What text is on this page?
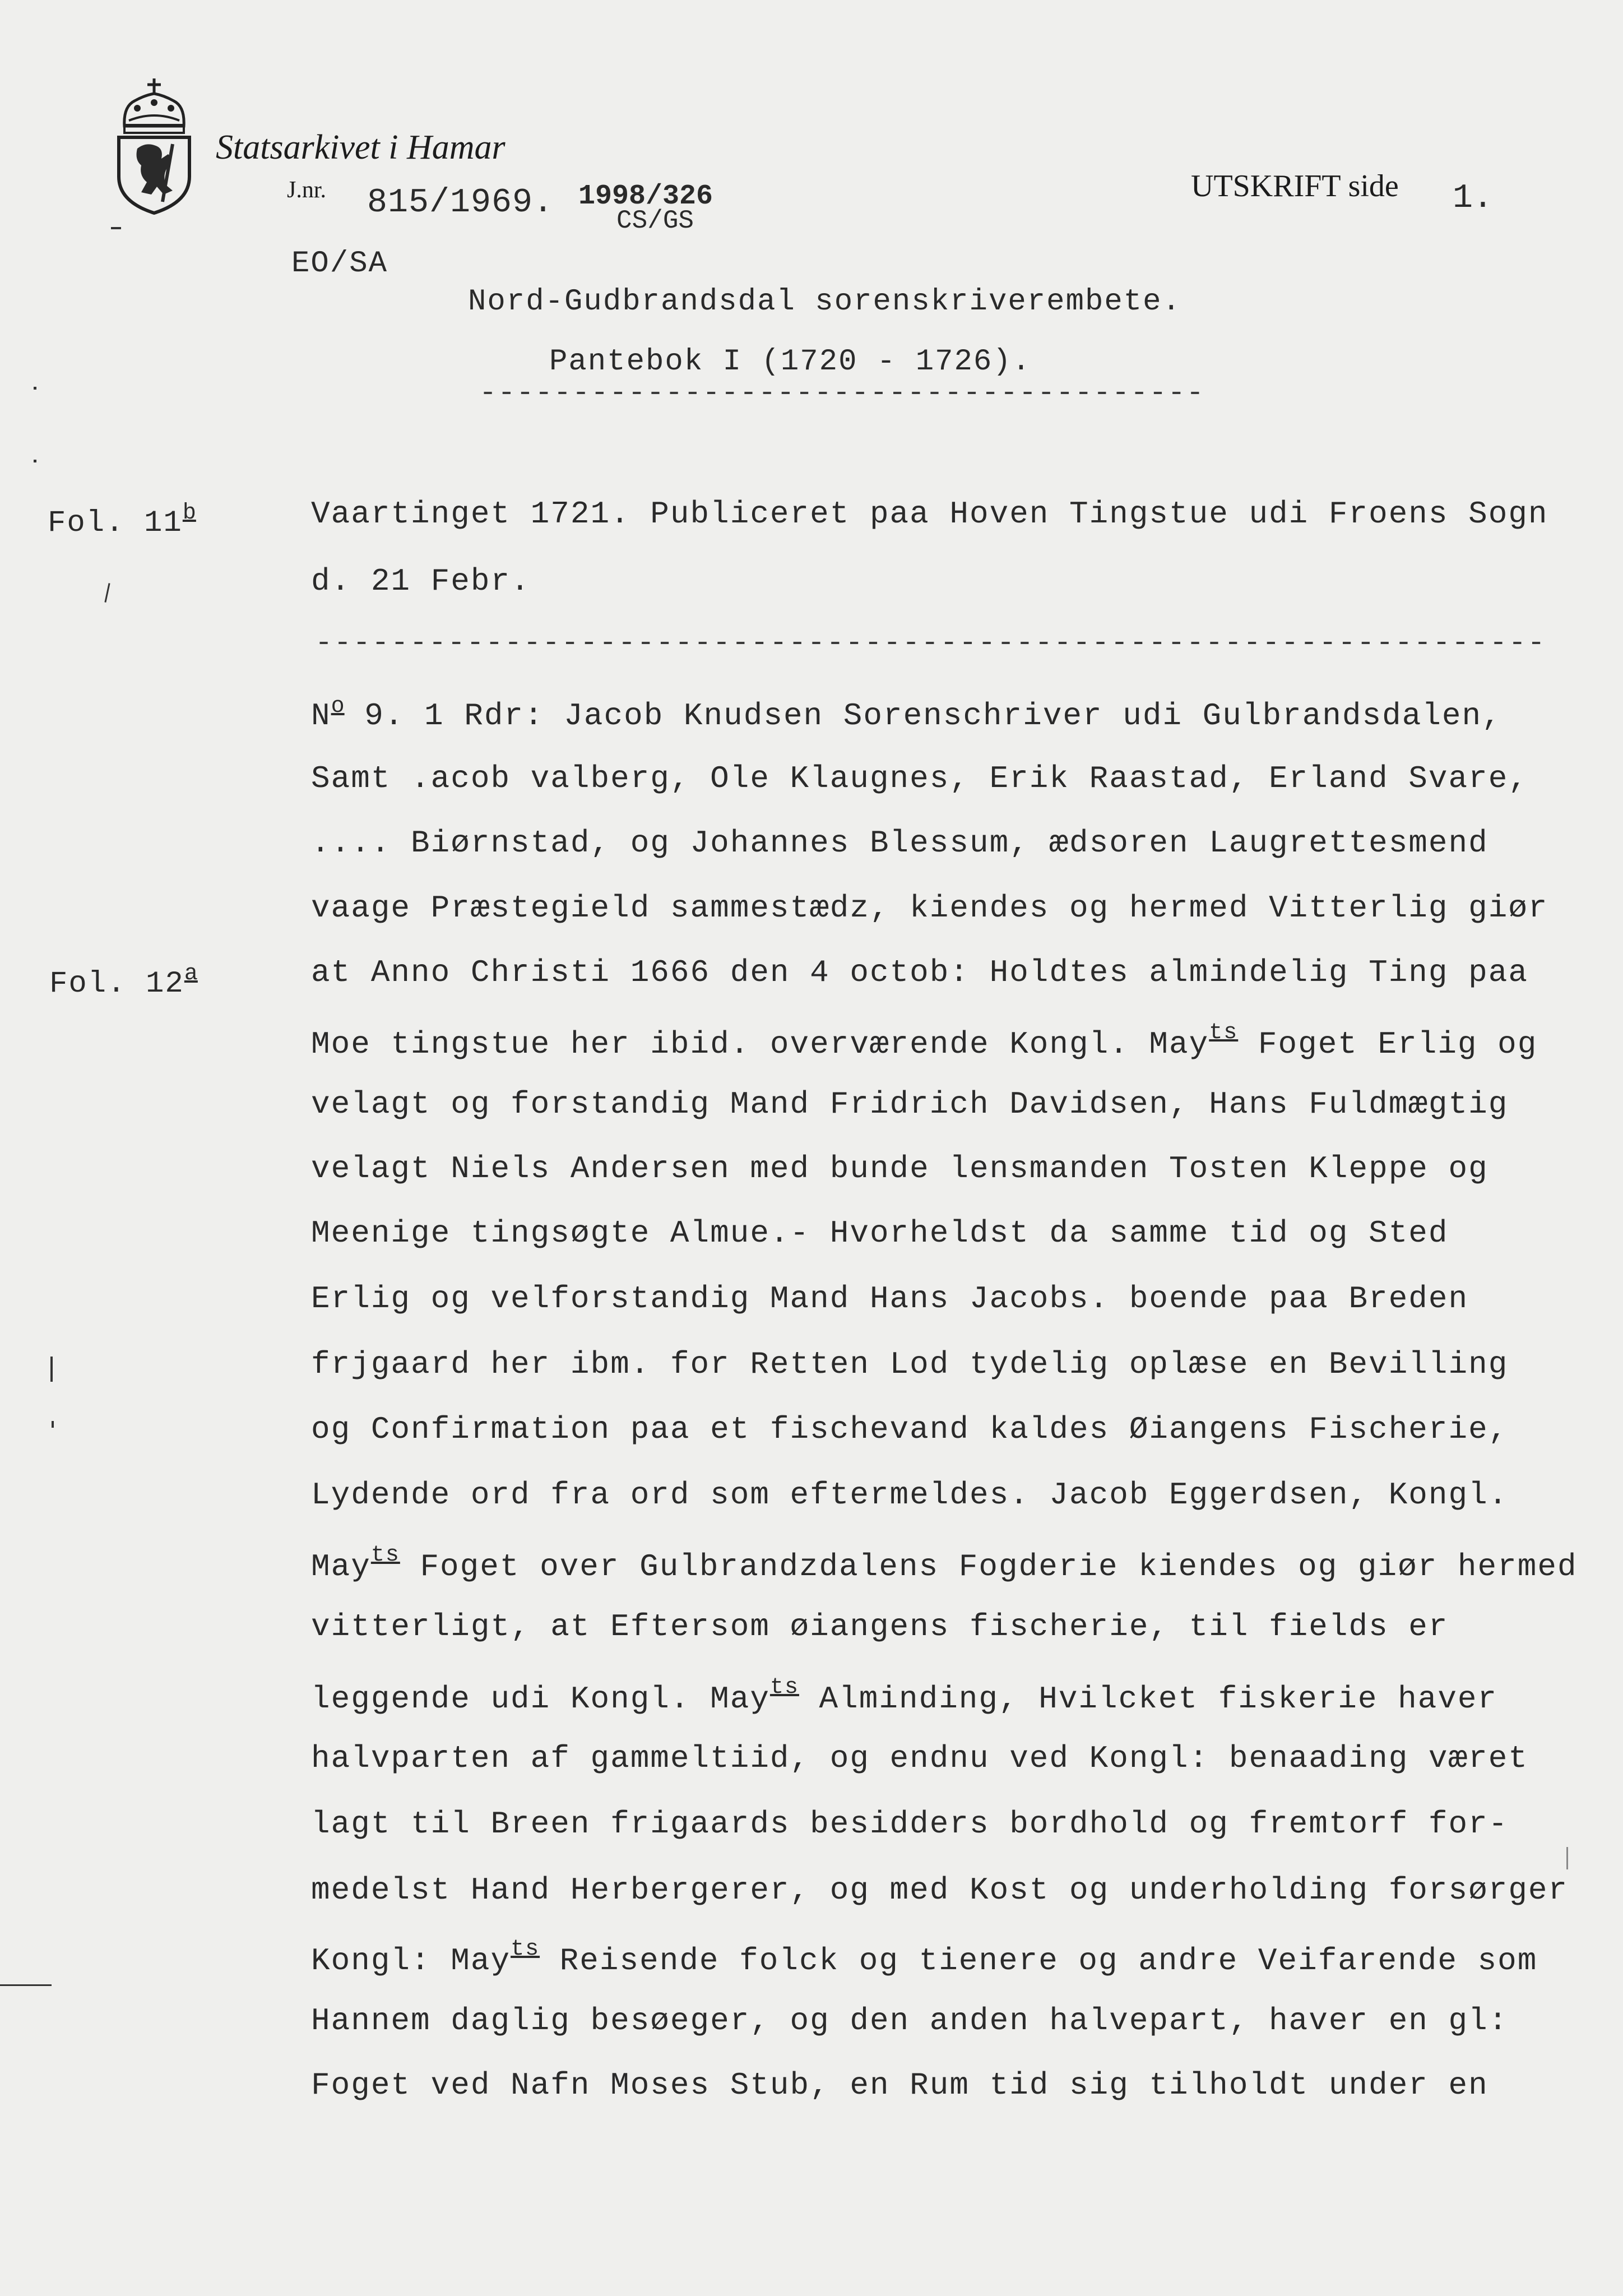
Statsarkivet i Hamar
J.nr. 815/1969. 1998/326
CS/GS
UTSKRIFT side 1.
EO/SA
Nord-Gudbrandsdal sorenskriverembete.
Pantebok I (1720 - 1726).
---------------------------------------
Fol. 11$^b$
Fol. 12$^a$
Vaartinget 1721. Publiceret paa Hoven Tingstue udi Froens Sogn
d. 21 Febr.
-----------------------------------------------------------------
$N^o$ 9. 1 Rdr: Jacob Knudsen Sorenschriver udi Gulbrandsdalen,
Samt .acob valberg, Ole Klaugnes, Erik Raastad, Erland Svare,
.... Biørnstad, og Johannes Blessum, ædsoren Laugrettesmend
vaage Præstegield sammestædz, kiendes og hermed Vitterlig giør
at Anno Christi 1666 den 4 octob: Holdtes almindelig Ting paa
Moe tingstue her ibid. overværende Kongl. May$^{ts}$ Foget Erlig og
velagt og forstandig Mand Fridrich Davidsen, Hans Fuldmægtig
velagt Niels Andersen med bunde lensmanden Tosten Kleppe og
Meenige tingsøgte Almue.- Hvorheldst da samme tid og Sted
Erlig og velforstandig Mand Hans Jacobs. boende paa Breden
frjgaard her ibm. for Retten Lod tydelig oplæse en Bevilling
og Confirmation paa et fischevand kaldes Øiangens Fischerie,
Lydende ord fra ord som eftermeldes. Jacob Eggerdsen, Kongl.
May$^{ts}$ Foget over Gulbrandzdalens Fogderie kiendes og giør hermed
vitterligt, at Eftersom øiangens fischerie, til fields er
leggende udi Kongl. May$^{ts}$ Alminding, Hvilcket fiskerie haver
halvparten af gammeltiid, og endnu ved Kongl: benaading været
lagt til Breen frigaards besidders bordhold og fremtorf for-
medelst Hand Herbergerer, og med Kost og underholding forsørger
Kongl: May$^{ts}$ Reisende folck og tienere og andre Veifarende som
Hannem daglig besøeger, og den anden halvepart, haver en gl:
Foget ved Nafn Moses Stub, en Rum tid sig tilholdt under en
